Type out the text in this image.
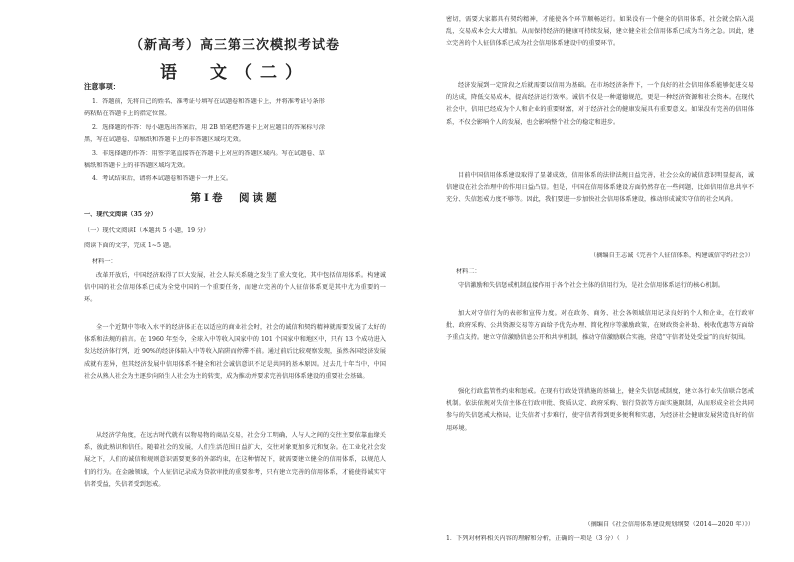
（新高考）高三第三次模拟考试卷
语　文（二）
注意事项：
1．答题前，先将自己的姓名、准考证号填写在试题卷和答题卡上，并将准考证号条形
码粘贴在答题卡上的指定位置。
2．选择题的作答：每小题选出答案后，用 2B 铅笔把答题卡上对应题目的答案标号涂
黑，写在试题卷、草稿纸和答题卡上的非答题区域均无效。
3．非选择题的作答：用签字笔直接答在答题卡上对应的答题区域内。写在试题卷、草
稿纸和答题卡上的非答题区域均无效。
4．考试结束后，请将本试题卷和答题卡一并上交。
第Ⅰ卷　阅读题
一、现代文阅读（35 分）
（一）现代文阅读Ⅰ（本题共 5 小题，19 分）
阅读下面的文字，完成 1~5 题。
材料一：
改革开放后，中国经济取得了巨大发展，社会人际关系随之发生了重大变化，其中包括信用体系。构建诚信中国的社会信用体系已成为全党中国的一个重要任务，而建立完善的个人征信体系更是其中尤为重要的一环。
全一个近期中等收入水平的经济体正在以适应的商业社会时，社会的诚信和契约精神就需要发展了太好的体系和法规的前言。在 1960 年至今，全球入中等收入国家中的 101 个国家中和地区中，只有 13 个成功进入发达经济体行列，近 90%的经济体陷入中等收入陷阱而停滞不前。通过前后比较观察发现，虽然各国经济发展成就有差异，但其经济发展中信用体系不健全和社会诚信意识不足是共同的基本原因。过去几十年当中，中国社会从熟人社会为主逐步向陌生人社会为主的转变，成为推动并要求完善信用体系建设的重要社会基础。
从经济学角度，在远古时代就有以物易物的商品交易，社会分工明确，人与人之间的交往主要依靠血缘关系，彼此熟识和信任。随着社会的发展，人们生活范围日益扩大，交往对象更加多元和复杂。在工业化社会发展之下，人们的诚信和规则意识需要更多的外部约束，在这种情况下，就需要建立健全的信用体系，以规范人们的行为。在金融领域，个人征信记录成为贷款审批的重要参考，只有建立完善的信用体系，才能使得诚实守信者受益，失信者受到惩戒。
密切，需要大家都具有契约精神，才能使各个环节顺畅运行。如果没有一个健全的信用体系，社会就会陷入混乱，交易成本会大大增加。从而保持经济的健康可持续发展，建立健全社会信用体系已成为当务之急。因此，建立完善的个人征信体系已成为社会信用体系建设中的重要环节。
经济发展到一定阶段之后就需要以信用为基础。在市场经济条件下，一个良好的社会信用体系能够促进交易的达成，降低交易成本，提高经济运行效率。诚信不仅是一种道德规范，更是一种经济资源和社会资本。在现代社会中，信用已经成为个人和企业的重要财富，对于经济社会的健康发展具有重要意义。如果没有完善的信用体系，不仅会影响个人的发展，也会影响整个社会的稳定和进步。
目前中国信用体系建设取得了显著成效，信用体系的法律法规日益完善，社会公众的诚信意识明显提高，诚信建设在社会治理中的作用日益凸显。但是，中国在信用体系建设方面仍然存在一些问题，比如信用信息共享不充分、失信惩戒力度不够等。因此，我们要进一步加快社会信用体系建设，推动形成诚实守信的社会风尚。
（摘编自王志诚《完善个人征信体系，构建诚信守约社会》）
材料二：
守信激励和失信惩戒机制直接作用于各个社会主体的信用行为，是社会信用体系运行的核心机制。
加大对守信行为的表彰和宣传力度。对在政务、商务、社会各领域信用记录良好的个人和企业，在行政审批、政府采购、公共资源交易等方面给予优先办理、简化程序等激励政策，在财政资金补助、税收优惠等方面给予重点支持。建立守信激励信息公开和共享机制，推动守信激励联合实施，营造“守信者处处受益”的良好氛围。
强化行政监管性约束和惩戒。在现有行政处罚措施的基础上，健全失信惩戒制度，建立各行业失信联合惩戒机制。依法依规对失信主体在行政审批、资质认定、政府采购、银行贷款等方面实施限制，从而形成全社会共同参与的失信惩戒大格局，让失信者寸步难行，使守信者得到更多便利和实惠，为经济社会健康发展营造良好的信用环境。
（摘编自《社会信用体系建设规划纲要（2014—2020 年）》）
1．下列对材料相关内容的理解和分析，正确的一项是（3 分）（　）
